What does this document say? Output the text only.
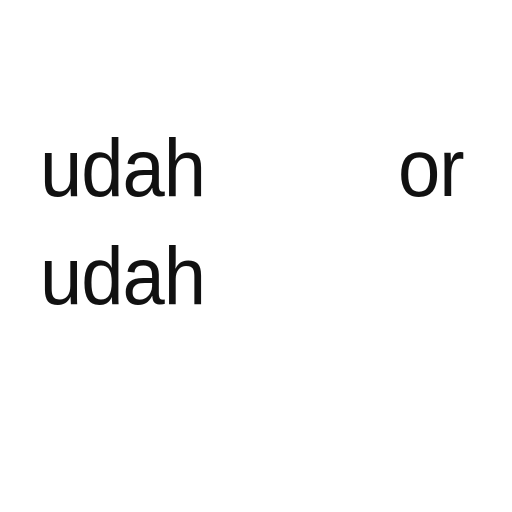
udah	or
udah
